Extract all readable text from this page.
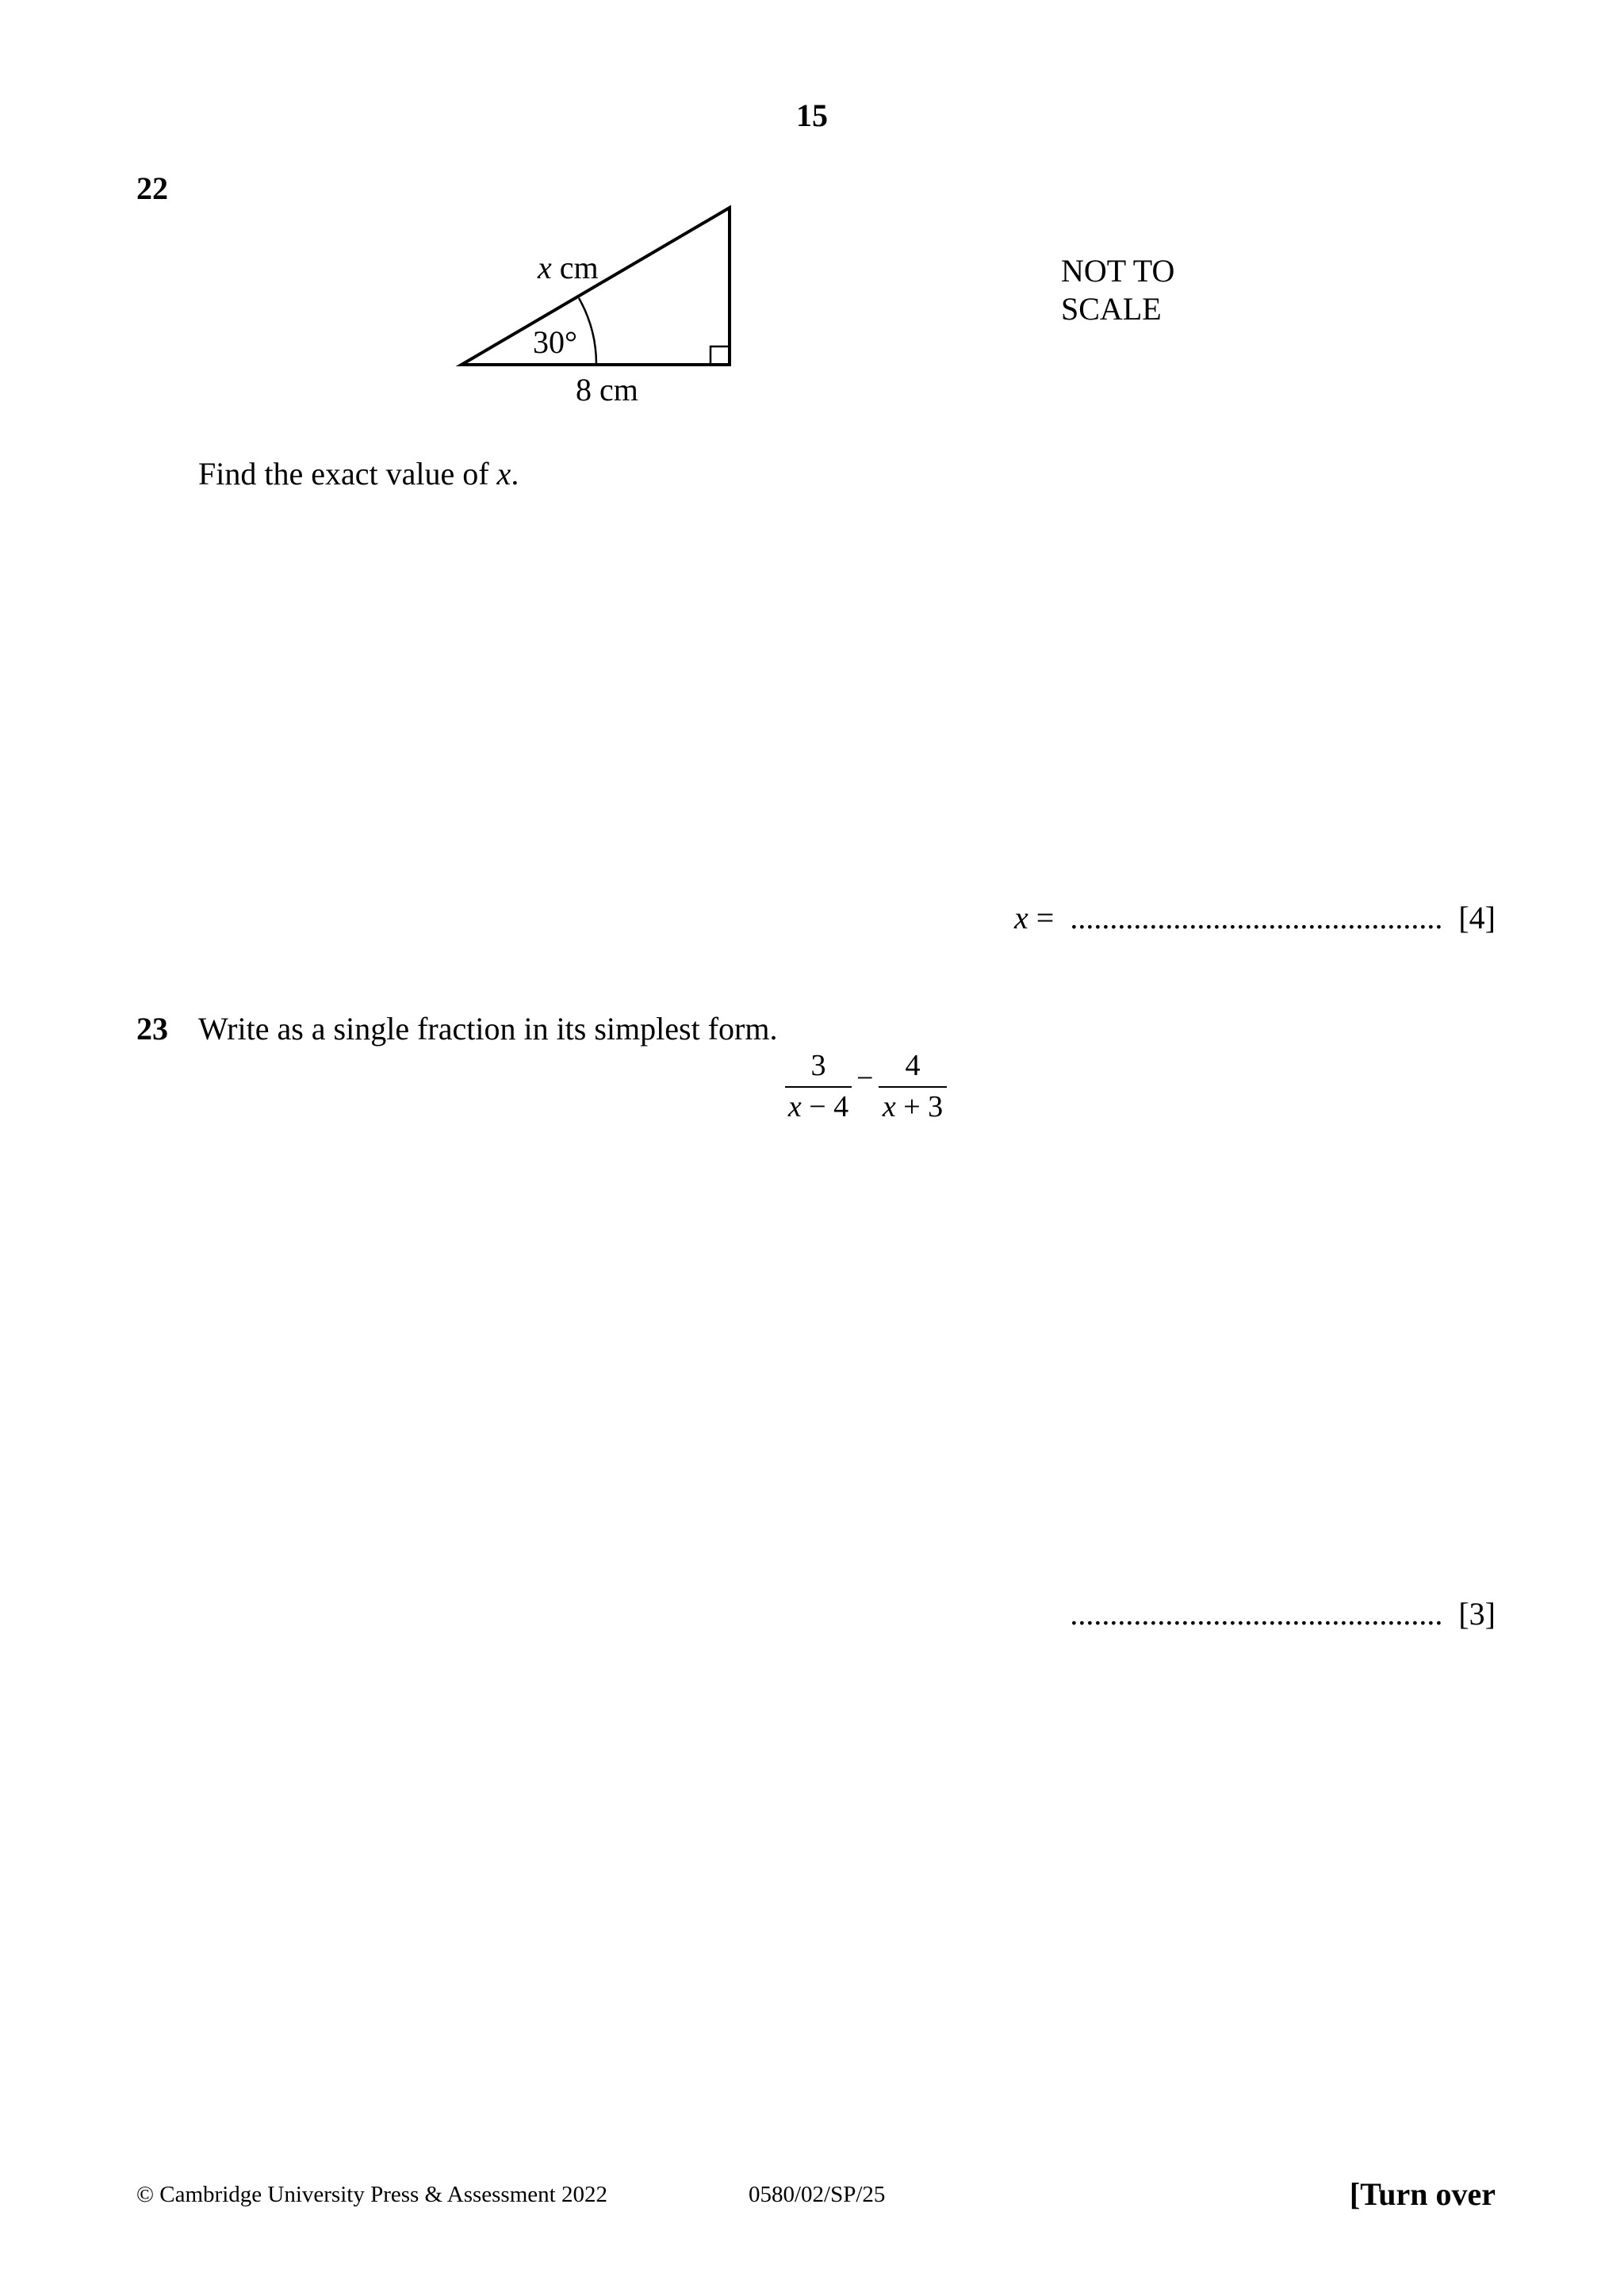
15
22
x cm
30°
8 cm
NOT TO
SCALE
Find the exact value of x.
x = ............................................... [4]
23 Write as a single fraction in its simplest form.
3
x − 4
−	4
x + 3
............................................... [3]
© Cambridge University Press & Assessment 2022	0580/02/SP/25	[Turn over
